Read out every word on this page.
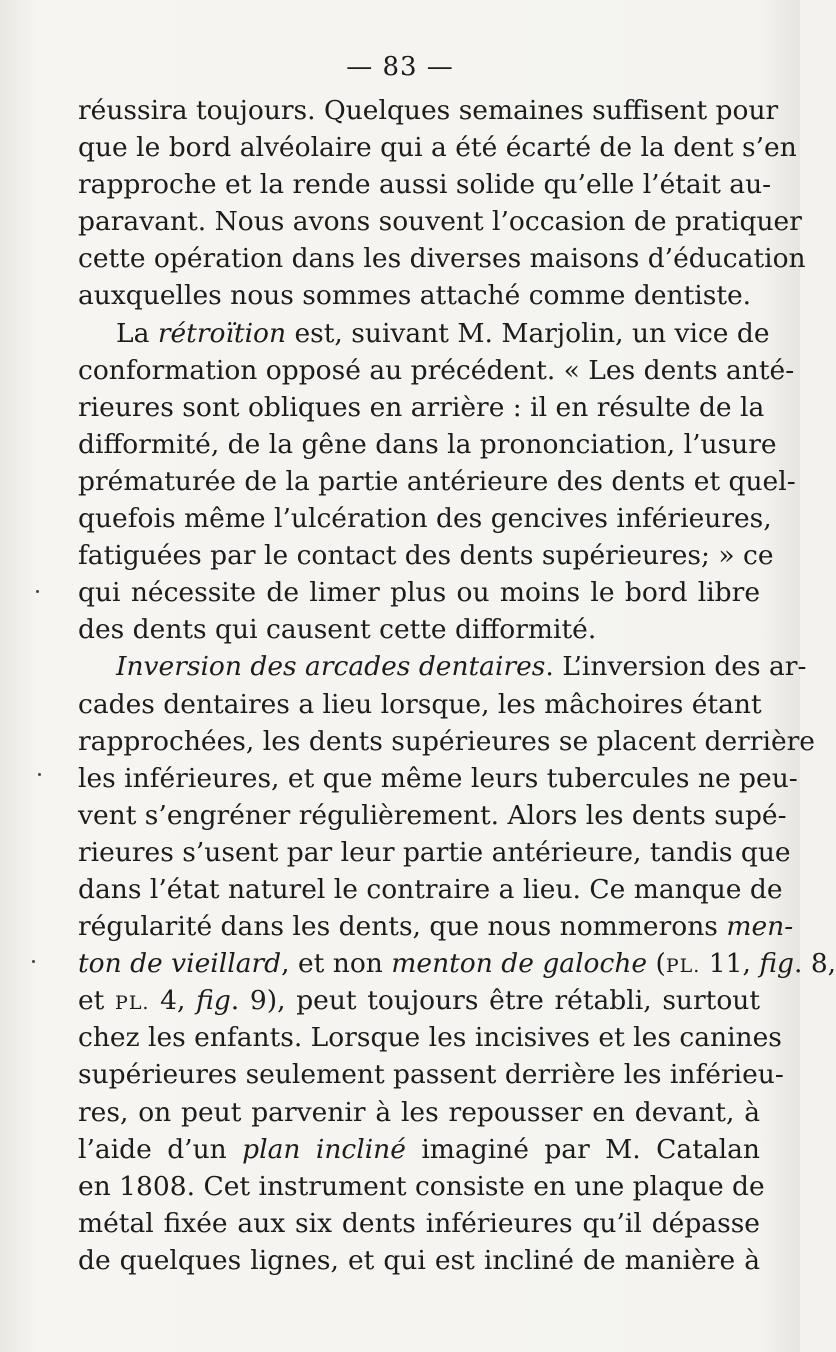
— 83 —
réussira toujours. Quelques semaines suffisent pour
que le bord alvéolaire qui a été écarté de la dent s’en
rapproche et la rende aussi solide qu’elle l’était au-
paravant. Nous avons souvent l’occasion de pratiquer
cette opération dans les diverses maisons d’éducation
auxquelles nous sommes attaché comme dentiste.
La rétroïtion est, suivant M. Marjolin, un vice de
conformation opposé au précédent. « Les dents anté-
rieures sont obliques en arrière : il en résulte de la
difformité, de la gêne dans la prononciation, l’usure
prématurée de la partie antérieure des dents et quel-
quefois même l’ulcération des gencives inférieures,
fatiguées par le contact des dents supérieures; » ce
qui nécessite de limer plus ou moins le bord libre
des dents qui causent cette difformité.
Inversion des arcades dentaires. L’inversion des ar-
cades dentaires a lieu lorsque, les mâchoires étant
rapprochées, les dents supérieures se placent derrière
les inférieures, et que même leurs tubercules ne peu-
vent s’engréner régulièrement. Alors les dents supé-
rieures s’usent par leur partie antérieure, tandis que
dans l’état naturel le contraire a lieu. Ce manque de
régularité dans les dents, que nous nommerons men-
ton de vieillard, et non menton de galoche (PL. 11, fig. 8,
et PL. 4, fig. 9), peut toujours être rétabli, surtout
chez les enfants. Lorsque les incisives et les canines
supérieures seulement passent derrière les inférieu-
res, on peut parvenir à les repousser en devant, à
l’aide d’un plan incliné imaginé par M. Catalan
en 1808. Cet instrument consiste en une plaque de
métal fixée aux six dents inférieures qu’il dépasse
de quelques lignes, et qui est incliné de manière à
